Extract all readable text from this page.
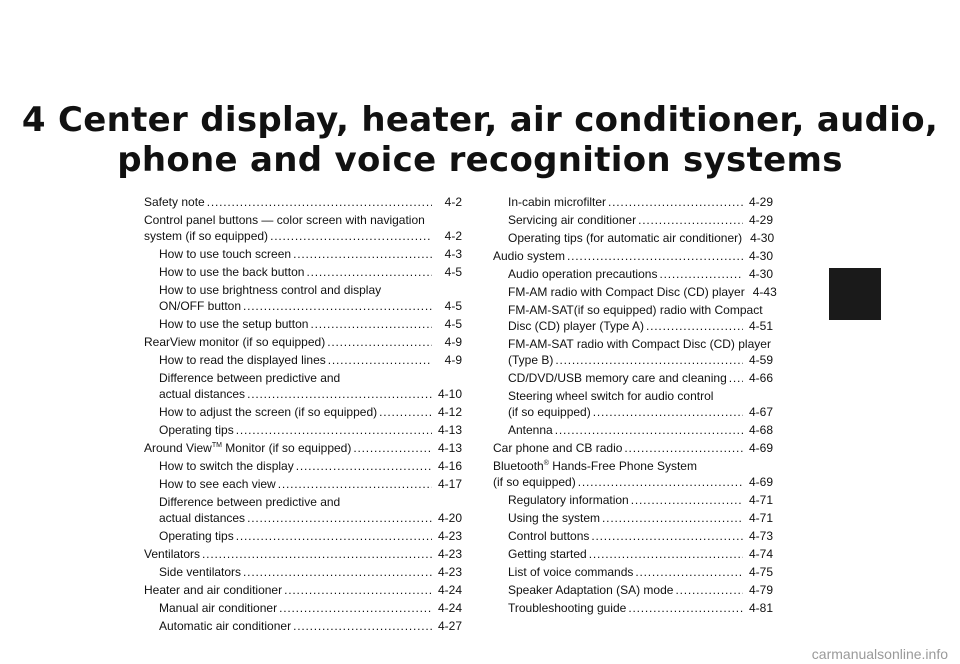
4 Center display, heater, air conditioner, audio,
phone and voice recognition systems
Safety note .....	4-2
Control panel buttons — color screen with navigation
system (if so equipped) .....	4-2
How to use touch screen .....	4-3
How to use the back button .....	4-5
How to use brightness control and display
ON/OFF button .....	4-5
How to use the setup button .....	4-5
RearView monitor (if so equipped) .....	4-9
How to read the displayed lines .....	4-9
Difference between predictive and
actual distances .....	4-10
How to adjust the screen (if so equipped) .....	4-12
Operating tips .....	4-13
Around View™ Monitor (if so equipped) .....	4-13
How to switch the display .....	4-16
How to see each view .....	4-17
Difference between predictive and
actual distances .....	4-20
Operating tips .....	4-23
Ventilators .....	4-23
Side ventilators .....	4-23
Heater and air conditioner .....	4-24
Manual air conditioner .....	4-24
Automatic air conditioner .....	4-27
In-cabin microfilter .....	4-29
Servicing air conditioner .....	4-29
Operating tips (for automatic air conditioner) 4-30
Audio system .....	4-30
Audio operation precautions .....	4-30
FM-AM radio with Compact Disc (CD) player 4-43
FM-AM-SAT(if so equipped) radio with Compact
Disc (CD) player (Type A) .....	4-51
FM-AM-SAT radio with Compact Disc (CD) player
(Type B) .....	4-59
CD/DVD/USB memory care and cleaning .....	4-66
Steering wheel switch for audio control
(if so equipped) .....	4-67
Antenna .....	4-68
Car phone and CB radio .....	4-69
Bluetooth® Hands-Free Phone System
(if so equipped) .....	4-69
Regulatory information .....	4-71
Using the system .....	4-71
Control buttons .....	4-73
Getting started .....	4-74
List of voice commands .....	4-75
Speaker Adaptation (SA) mode .....	4-79
Troubleshooting guide .....	4-81
carmanualsonline.info
